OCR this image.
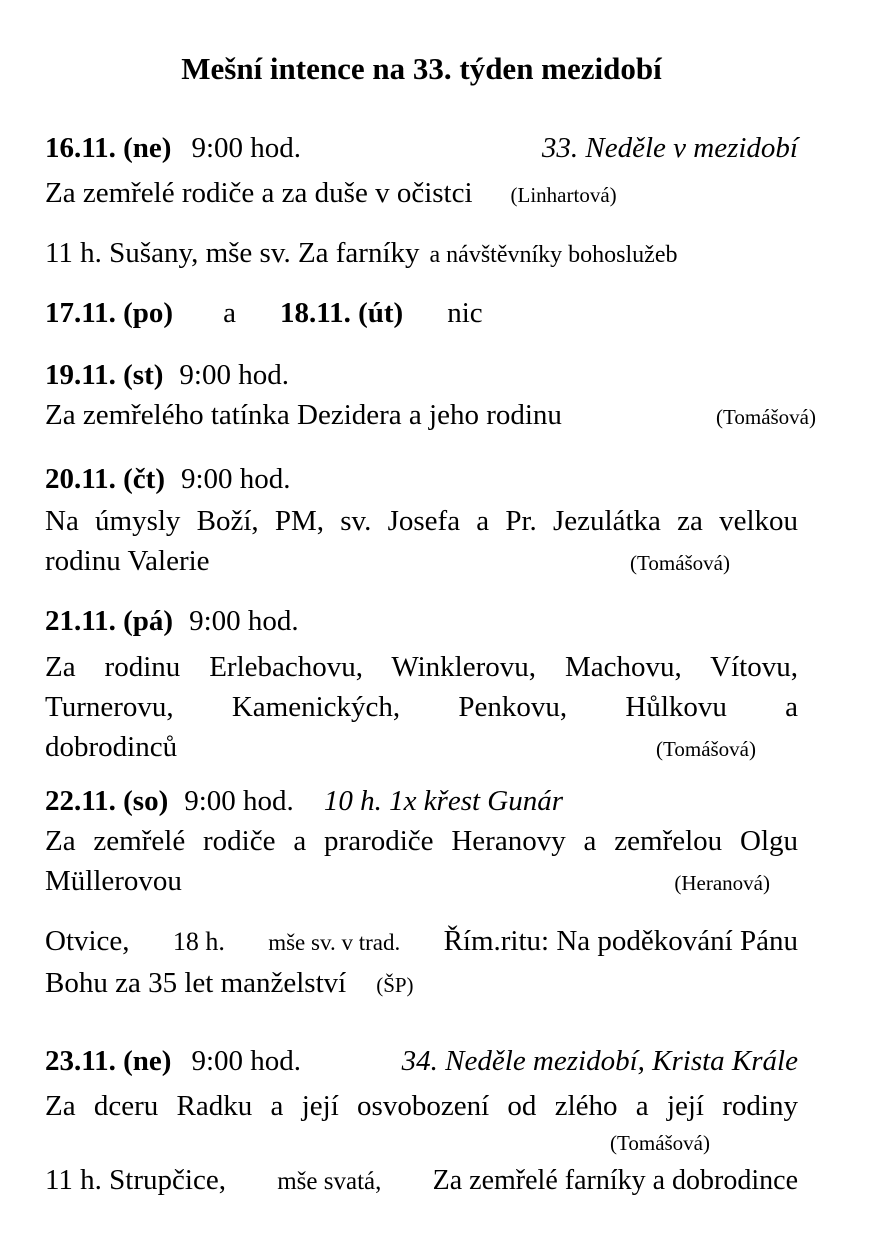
Mešní intence na 33. týden mezidobí
16.11. (ne) 9:00 hod.	33. Neděle v mezidobí
Za zemřelé rodiče a za duše v očistci (Linhartová)
11 h. Sušany, mše sv. Za farníky a návštěvníky bohoslužeb
17.11. (po) a 18.11. (út) nic
19.11. (st) 9:00 hod.
Za zemřelého tatínka Dezidera a jeho rodinu	(Tomášová)
20.11. (čt) 9:00 hod.
Na úmysly Boží, PM, sv. Josefa a Pr. Jezulátka za velkou
rodinu Valerie	(Tomášová)
21.11. (pá) 9:00 hod.
Za rodinu Erlebachovu, Winklerovu, Machovu, Vítovu,
Turnerovu, Kamenických, Penkovu, Hůlkovu a
dobrodinců	(Tomášová)
22.11. (so) 9:00 hod. 10 h. 1x křest Gunár
Za zemřelé rodiče a prarodiče Heranovy a zemřelou Olgu
Müllerovou	(Heranová)
Otvice, 18 h. mše sv. v trad. Řím.ritu: Na poděkování Pánu
Bohu za 35 let manželství (ŠP)
23.11. (ne) 9:00 hod.	34. Neděle mezidobí, Krista Krále
Za dceru Radku a její osvobození od zlého a její rodiny
(Tomášová)
11 h. Strupčice, mše svatá, Za zemřelé farníky a dobrodince
